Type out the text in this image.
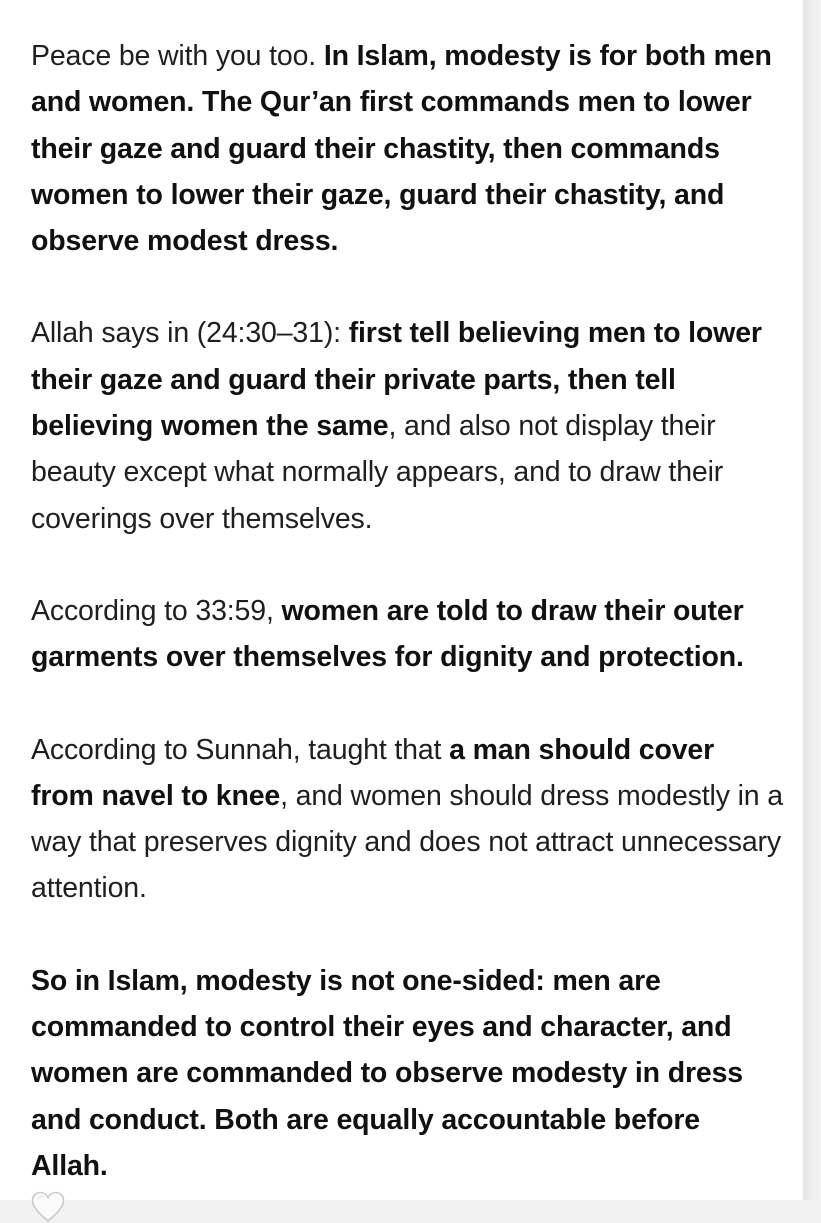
Peace be with you too. In Islam, modesty is for both men and women. The Qur’an first commands men to lower their gaze and guard their chastity, then commands women to lower their gaze, guard their chastity, and observe modest dress.

Allah says in (24:30–31): first tell believing men to lower their gaze and guard their private parts, then tell believing women the same, and also not display their beauty except what normally appears, and to draw their coverings over themselves.

According to 33:59, women are told to draw their outer garments over themselves for dignity and protection.

According to Sunnah, taught that a man should cover from navel to knee, and women should dress modestly in a way that preserves dignity and does not attract unnecessary attention.

So in Islam, modesty is not one-sided: men are commanded to control their eyes and character, and women are commanded to observe modesty in dress and conduct. Both are equally accountable before Allah.
